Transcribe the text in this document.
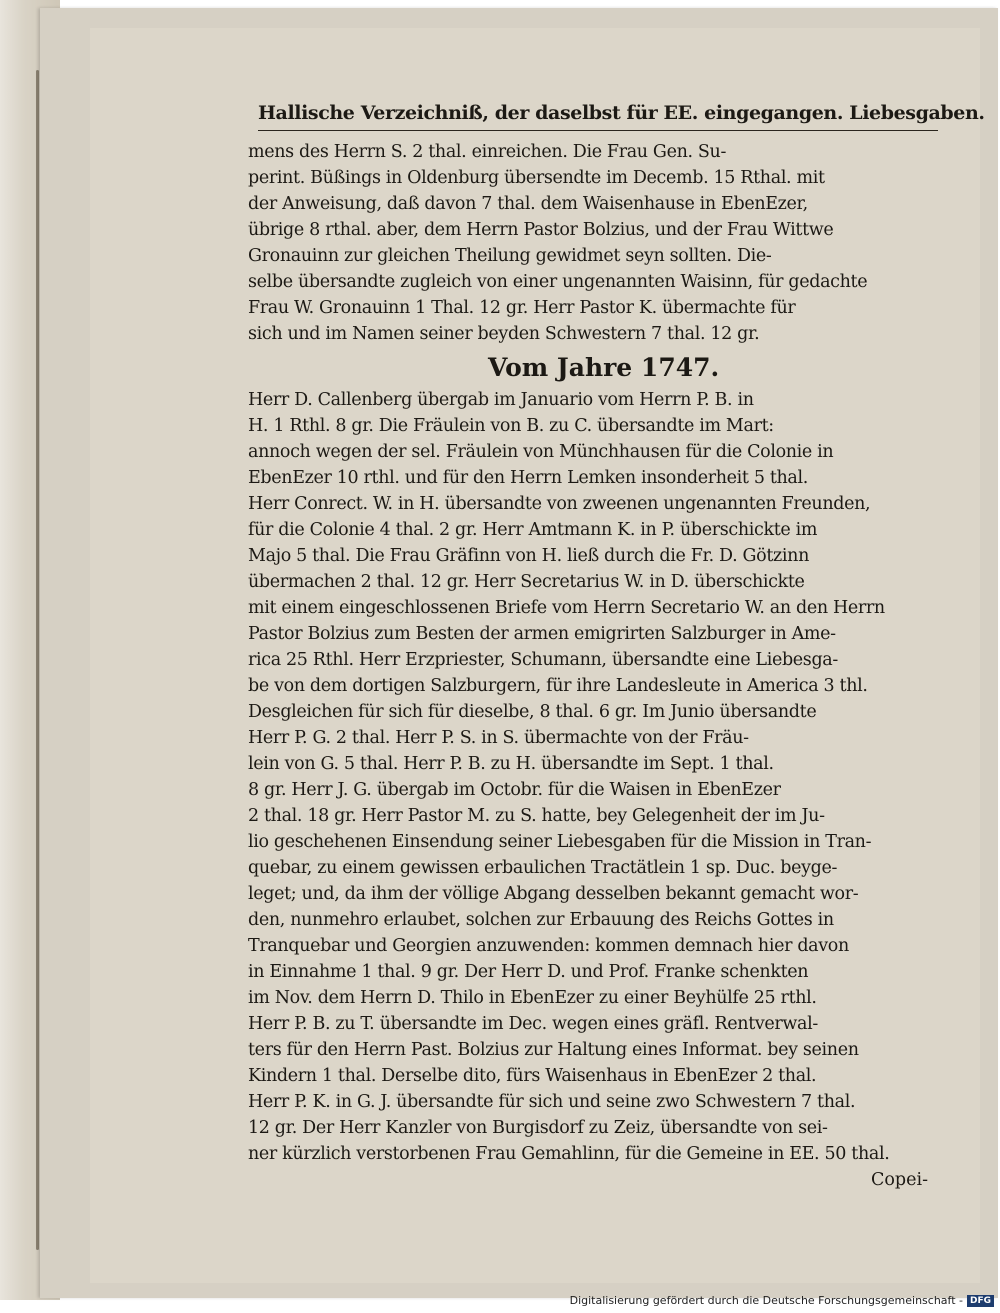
Hallische Verzeichniß, der daselbst für EE. eingegangen. Liebesgaben.
mens des Herrn S. 2 thal. einreichen. Die Frau Gen. Su-
perint. Büßings in Oldenburg übersendte im Decemb. 15 Rthal. mit
der Anweisung, daß davon 7 thal. dem Waisenhause in EbenEzer,
übrige 8 rthal. aber, dem Herrn Pastor Bolzius, und der Frau Wittwe
Gronauinn zur gleichen Theilung gewidmet seyn sollten. Die-
selbe übersandte zugleich von einer ungenannten Waisinn, für gedachte
Frau W. Gronauinn 1 Thal. 12 gr. Herr Pastor K. übermachte für
sich und im Namen seiner beyden Schwestern 7 thal. 12 gr.
Vom Jahre 1747.
Herr D. Callenberg übergab im Januario vom Herrn P. B. in
H. 1 Rthl. 8 gr. Die Fräulein von B. zu C. übersandte im Mart:
annoch wegen der sel. Fräulein von Münchhausen für die Colonie in
EbenEzer 10 rthl. und für den Herrn Lemken insonderheit 5 thal.
Herr Conrect. W. in H. übersandte von zweenen ungenannten Freunden,
für die Colonie 4 thal. 2 gr. Herr Amtmann K. in P. überschickte im
Majo 5 thal. Die Frau Gräfinn von H. ließ durch die Fr. D. Götzinn
übermachen 2 thal. 12 gr. Herr Secretarius W. in D. überschickte
mit einem eingeschlossenen Briefe vom Herrn Secretario W. an den Herrn
Pastor Bolzius zum Besten der armen emigrirten Salzburger in Ame-
rica 25 Rthl. Herr Erzpriester, Schumann, übersandte eine Liebesga-
be von dem dortigen Salzburgern, für ihre Landesleute in America 3 thl.
Desgleichen für sich für dieselbe, 8 thal. 6 gr. Im Junio übersandte
Herr P. G. 2 thal. Herr P. S. in S. übermachte von der Fräu-
lein von G. 5 thal. Herr P. B. zu H. übersandte im Sept. 1 thal.
8 gr. Herr J. G. übergab im Octobr. für die Waisen in EbenEzer
2 thal. 18 gr. Herr Pastor M. zu S. hatte, bey Gelegenheit der im Ju-
lio geschehenen Einsendung seiner Liebesgaben für die Mission in Tran-
quebar, zu einem gewissen erbaulichen Tractätlein 1 sp. Duc. beyge-
leget; und, da ihm der völlige Abgang desselben bekannt gemacht wor-
den, nunmehro erlaubet, solchen zur Erbauung des Reichs Gottes in
Tranquebar und Georgien anzuwenden: kommen demnach hier davon
in Einnahme 1 thal. 9 gr. Der Herr D. und Prof. Franke schenkten
im Nov. dem Herrn D. Thilo in EbenEzer zu einer Beyhülfe 25 rthl.
Herr P. B. zu T. übersandte im Dec. wegen eines gräfl. Rentverwal-
ters für den Herrn Past. Bolzius zur Haltung eines Informat. bey seinen
Kindern 1 thal. Derselbe dito, fürs Waisenhaus in EbenEzer 2 thal.
Herr P. K. in G. J. übersandte für sich und seine zwo Schwestern 7 thal.
12 gr. Der Herr Kanzler von Burgisdorf zu Zeiz, übersandte von sei-
ner kürzlich verstorbenen Frau Gemahlinn, für die Gemeine in EE. 50 thal.
Copei-
Digitalisierung gefördert durch die Deutsche Forschungsgemeinschaft - DFG
